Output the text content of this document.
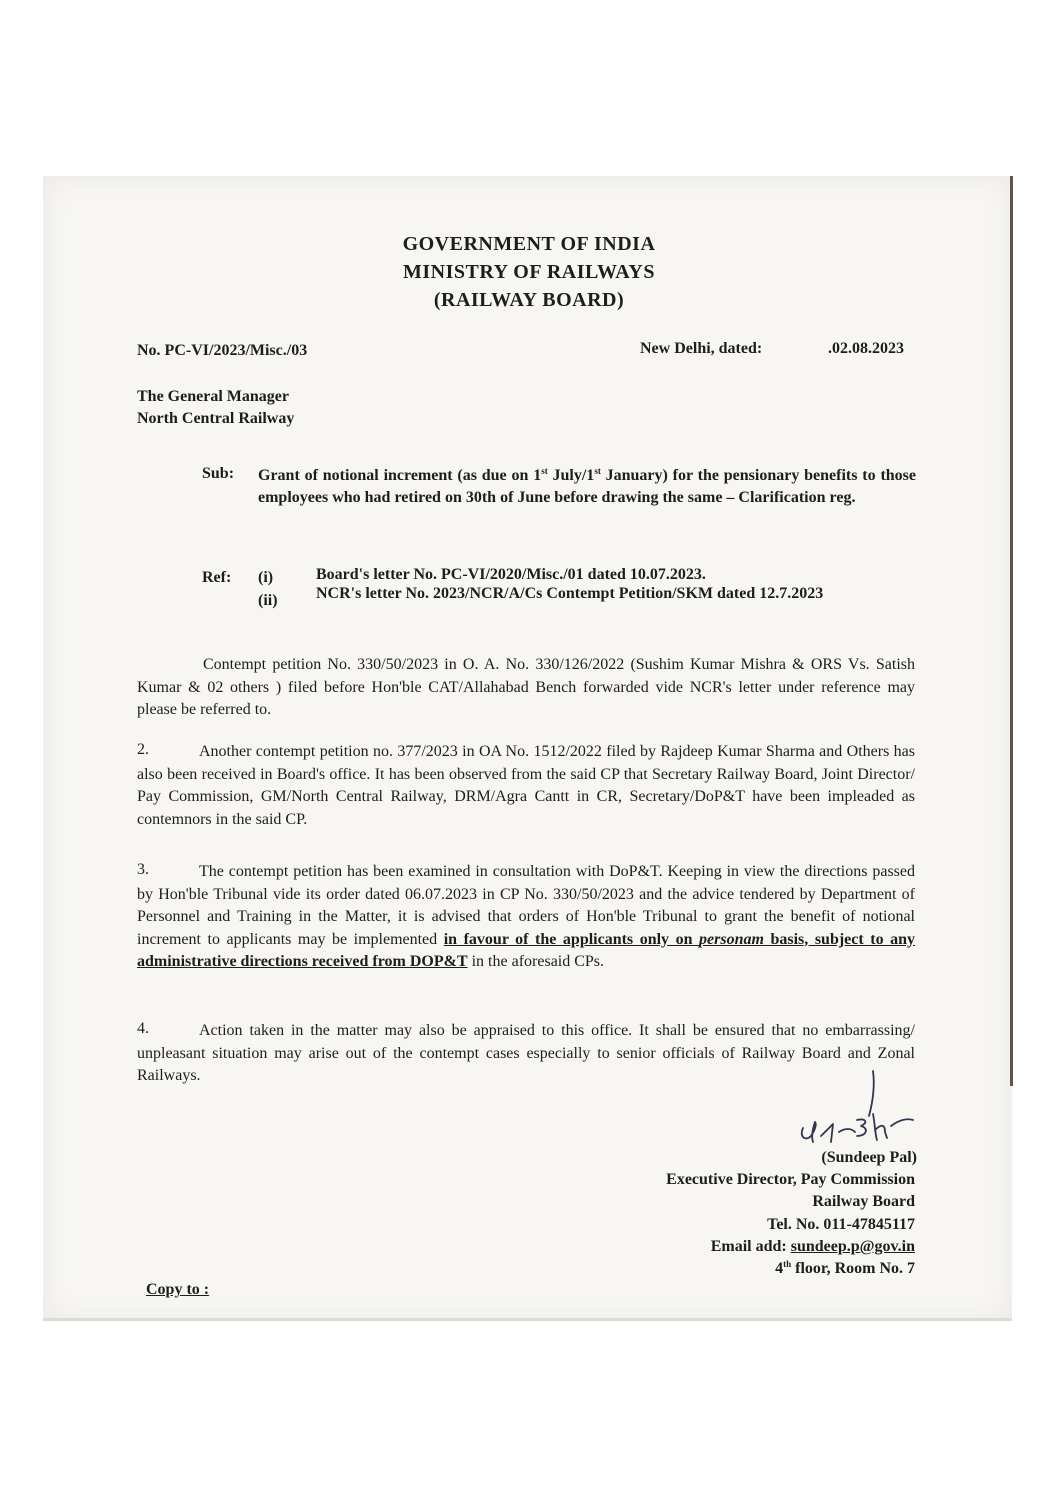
GOVERNMENT OF INDIA
MINISTRY OF RAILWAYS
(RAILWAY BOARD)
No. PC-VI/2023/Misc./03	New Delhi, dated:	.02.08.2023
The General Manager
North Central Railway
Sub: Grant of notional increment (as due on 1st July/1st January) for the pensionary benefits to those employees who had retired on 30th of June before drawing the same – Clarification reg.
Ref: (i)	Board's letter No. PC-VI/2020/Misc./01 dated 10.07.2023.
(ii) NCR's letter No. 2023/NCR/A/Cs Contempt Petition/SKM dated 12.7.2023
Contempt petition No. 330/50/2023 in O. A. No. 330/126/2022 (Sushim Kumar Mishra & ORS Vs. Satish Kumar & 02 others ) filed before Hon'ble CAT/Allahabad Bench forwarded vide NCR's letter under reference may please be referred to.
2.	Another contempt petition no. 377/2023 in OA No. 1512/2022 filed by Rajdeep Kumar Sharma and Others has also been received in Board's office. It has been observed from the said CP that Secretary Railway Board, Joint Director/ Pay Commission, GM/North Central Railway, DRM/Agra Cantt in CR, Secretary/DoP&T have been impleaded as contemnors in the said CP.
3.	The contempt petition has been examined in consultation with DoP&T. Keeping in view the directions passed by Hon'ble Tribunal vide its order dated 06.07.2023 in CP No. 330/50/2023 and the advice tendered by Department of Personnel and Training in the Matter, it is advised that orders of Hon'ble Tribunal to grant the benefit of notional increment to applicants may be implemented in favour of the applicants only on personam basis, subject to any administrative directions received from DOP&T in the aforesaid CPs.
4.	Action taken in the matter may also be appraised to this office. It shall be ensured that no embarrassing/ unpleasant situation may arise out of the contempt cases especially to senior officials of Railway Board and Zonal Railways.
(Sundeep Pal)
Executive Director, Pay Commission
Railway Board
Tel. No. 011-47845117
Email add: sundeep.p@gov.in
4th floor, Room No. 7
Copy to :
